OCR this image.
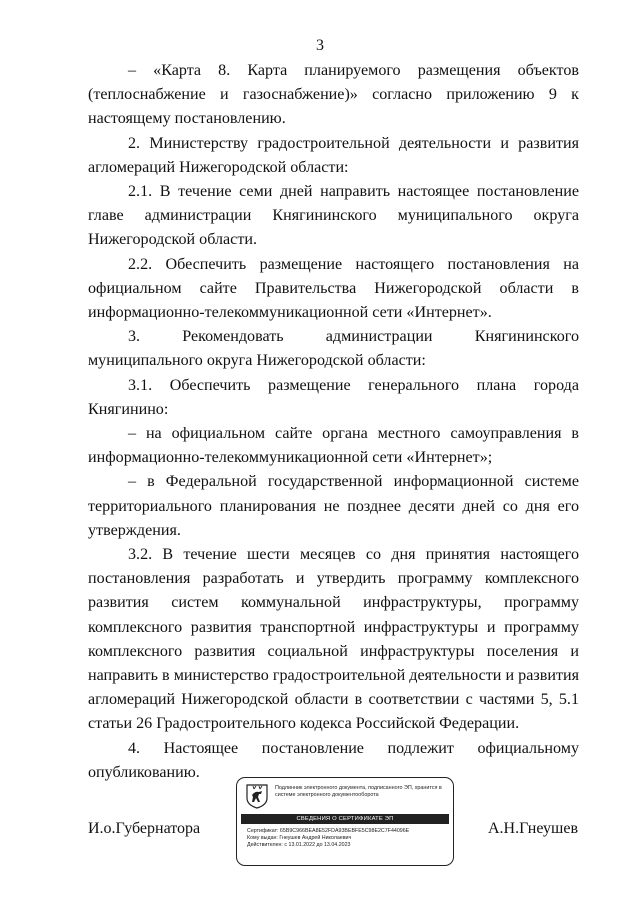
3

– «Карта 8. Карта планируемого размещения объектов (теплоснабжение и газоснабжение)» согласно приложению 9 к настоящему постановлению.

2. Министерству градостроительной деятельности и развития агломераций Нижегородской области:

2.1. В течение семи дней направить настоящее постановление главе администрации Княгининского муниципального округа Нижегородской области.

2.2. Обеспечить размещение настоящего постановления на официальном сайте Правительства Нижегородской области в информационно-телекоммуникационной сети «Интернет».

3. Рекомендовать администрации Княгининского муниципального округа Нижегородской области:

3.1. Обеспечить размещение генерального плана города Княгинино:

– на официальном сайте органа местного самоуправления в информационно-телекоммуникационной сети «Интернет»;

– в Федеральной государственной информационной системе территориального планирования не позднее десяти дней со дня его утверждения.

3.2. В течение шести месяцев со дня принятия настоящего постановления разработать и утвердить программу комплексного развития систем коммунальной инфраструктуры, программу комплексного развития транспортной инфраструктуры и программу комплексного развития социальной инфраструктуры поселения и направить в министерство градостроительной деятельности и развития агломераций Нижегородской области в соответствии с частями 5, 5.1 статьи 26 Градостроительного кодекса Российской Федерации.

4. Настоящее постановление подлежит официальному опубликованию.

И.о.Губернатора	А.Н.Гнеушев
Подлинник электронного документа, подписанного ЭП, хранится в системе электронного документооборота
СВЕДЕНИЯ О СЕРТИФИКАТЕ ЭП
Сертификат: 65B9C966BEA8E52FDA93BEBFE5C98E2C7F44096E
Кому выдан: Гнеушев Андрей Николаевич
Действителен: с 13.01.2022 до 13.04.2023
